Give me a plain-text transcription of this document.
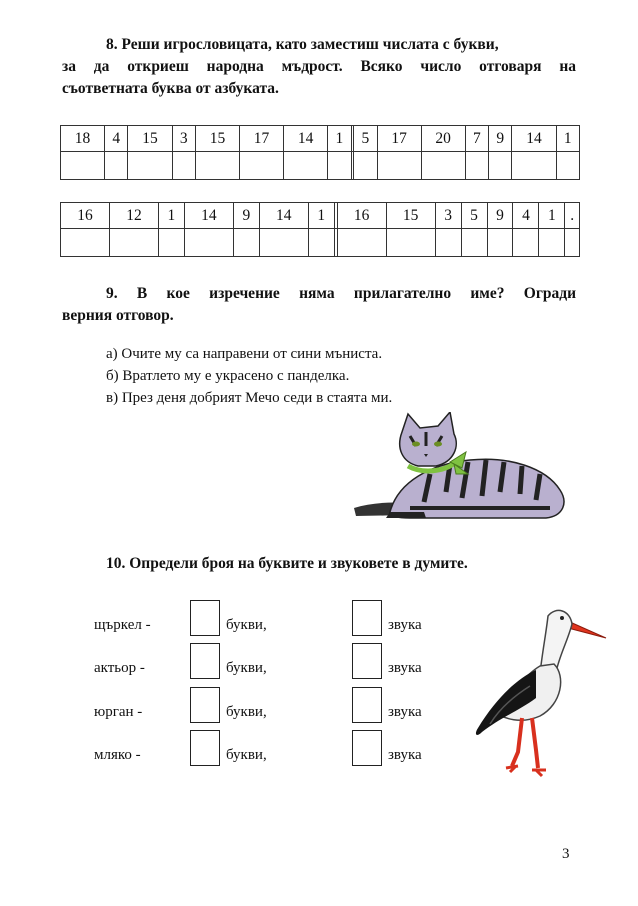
8. Реши игрословицата, като заместиш числата с букви,
за да откриеш народна мъдрост. Всяко число отговаря на
съответната буква от азбуката.
18	4	15	3	15	17	14	1		5	17	20	7	9	14	1

16	12	1	14	9	14	1		16	15	3	5	9	4	1	.

9. В кое изречение няма прилагателно име? Огради
верния отговор.
а) Очите му са направени от сини мъниста.
б) Вратлето му е украсено с панделка.
в) През деня добрият Мечо седи в стаята ми.
10. Определи броя на буквите и звуковете в думите.
щъркел -	букви,	звука
актьор -	букви,	звука
юрган -	букви,	звука
мляко -	букви,	звука
3
